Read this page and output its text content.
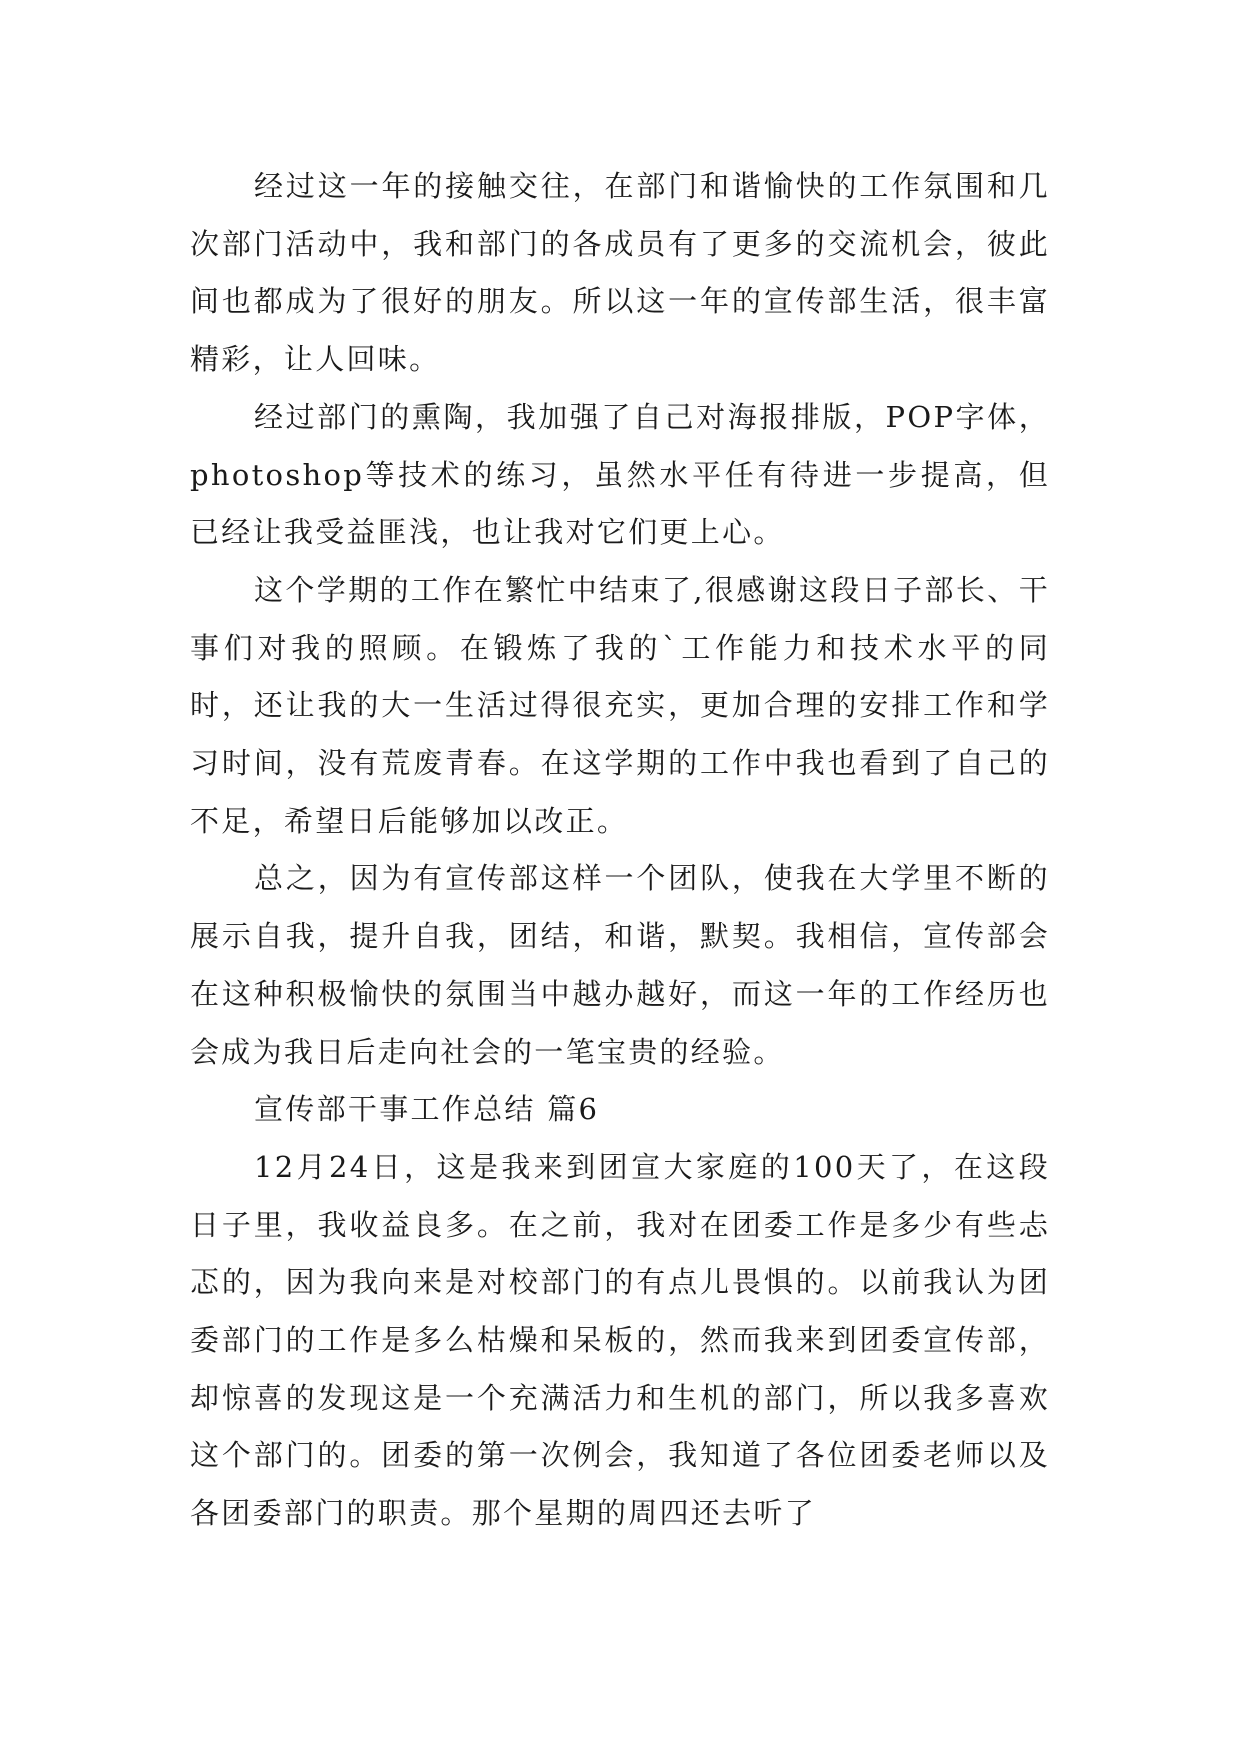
经过这一年的接触交往，在部门和谐愉快的工作氛围和几次部门活动中，我和部门的各成员有了更多的交流机会，彼此间也都成为了很好的朋友。所以这一年的宣传部生活，很丰富精彩，让人回味。

经过部门的熏陶，我加强了自己对海报排版，POP字体，photoshop等技术的练习，虽然水平任有待进一步提高，但已经让我受益匪浅，也让我对它们更上心。

这个学期的工作在繁忙中结束了,很感谢这段日子部长、干事们对我的照顾。在锻炼了我的`工作能力和技术水平的同时，还让我的大一生活过得很充实，更加合理的安排工作和学习时间，没有荒废青春。在这学期的工作中我也看到了自己的不足，希望日后能够加以改正。

总之，因为有宣传部这样一个团队，使我在大学里不断的展示自我，提升自我，团结，和谐，默契。我相信，宣传部会在这种积极愉快的氛围当中越办越好，而这一年的工作经历也会成为我日后走向社会的一笔宝贵的经验。

宣传部干事工作总结 篇6

12月24日，这是我来到团宣大家庭的100天了，在这段日子里，我收益良多。在之前，我对在团委工作是多少有些忐忑的，因为我向来是对校部门的有点儿畏惧的。以前我认为团委部门的工作是多么枯燥和呆板的，然而我来到团委宣传部，却惊喜的发现这是一个充满活力和生机的部门，所以我多喜欢这个部门的。团委的第一次例会，我知道了各位团委老师以及各团委部门的职责。那个星期的周四还去听了
